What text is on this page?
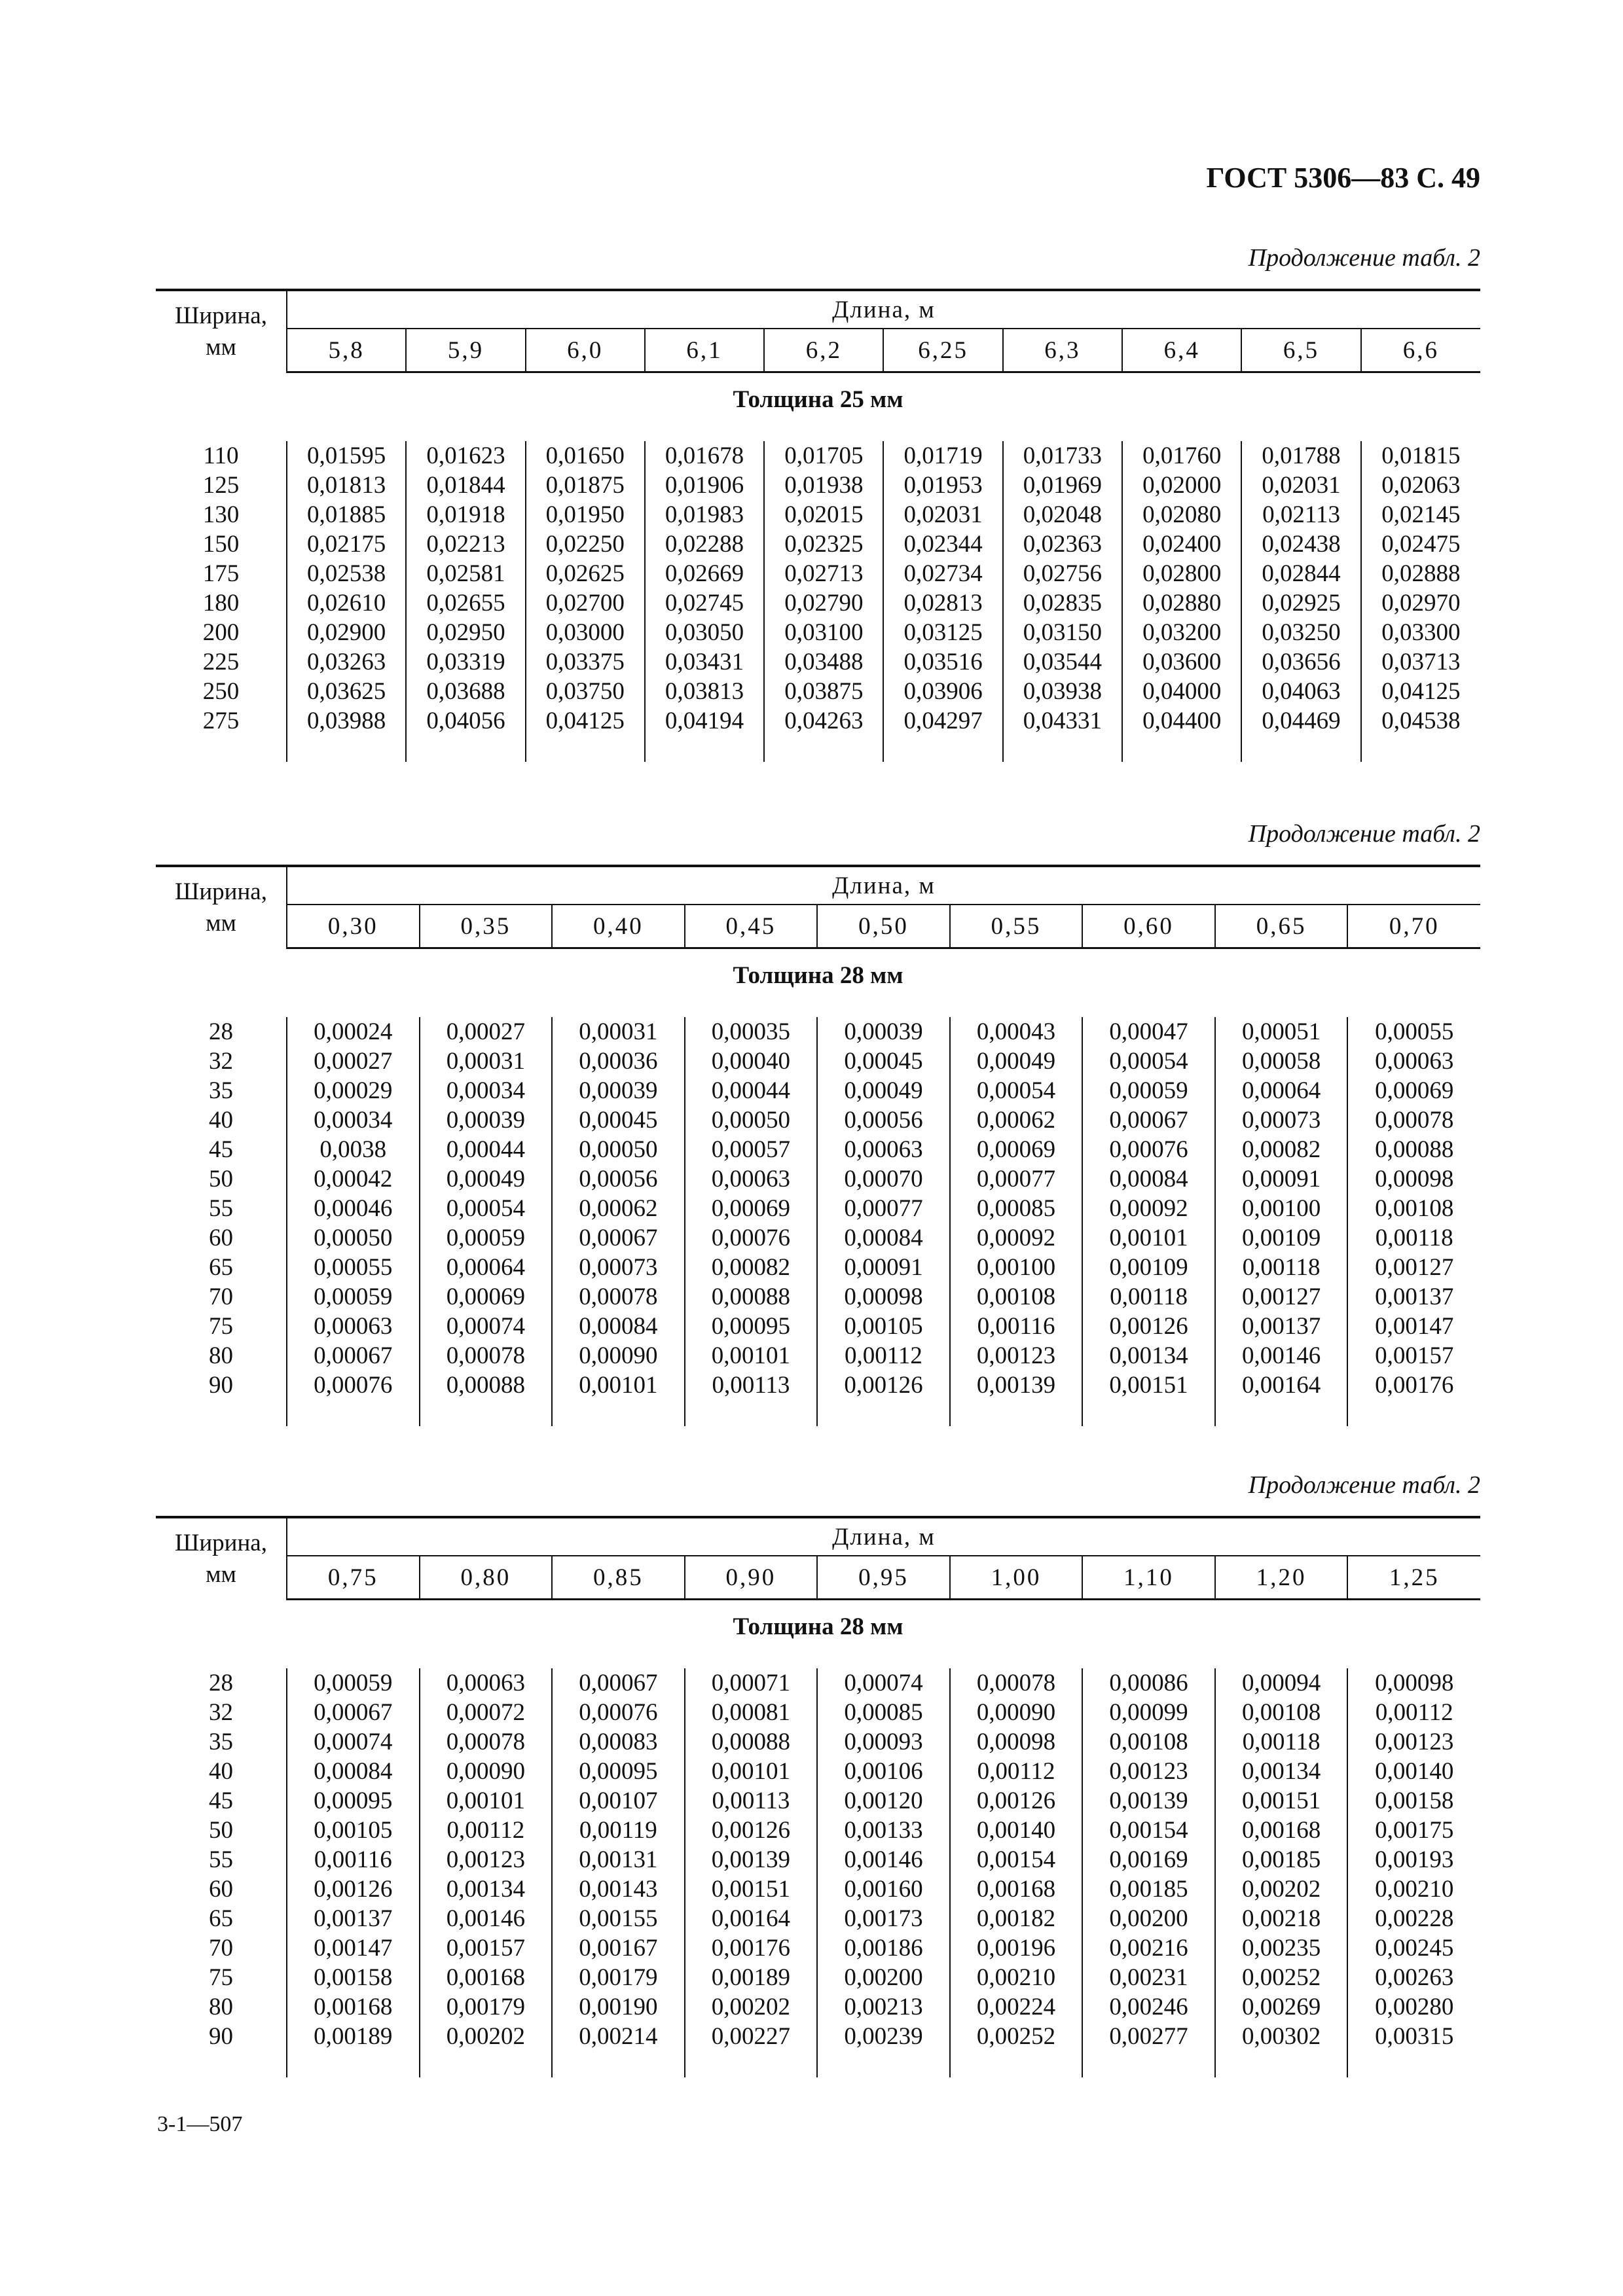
ГОСТ 5306—83 С. 49
Продолжение табл. 2
Ширина,
мм	Длина, м									
	5,8	5,9	6,0	6,1	6,2	6,25	6,3	6,4	6,5	6,6
Толщина 25 мм										

110	0,01595	0,01623	0,01650	0,01678	0,01705	0,01719	0,01733	0,01760	0,01788	0,01815
125	0,01813	0,01844	0,01875	0,01906	0,01938	0,01953	0,01969	0,02000	0,02031	0,02063
130	0,01885	0,01918	0,01950	0,01983	0,02015	0,02031	0,02048	0,02080	0,02113	0,02145
150	0,02175	0,02213	0,02250	0,02288	0,02325	0,02344	0,02363	0,02400	0,02438	0,02475
175	0,02538	0,02581	0,02625	0,02669	0,02713	0,02734	0,02756	0,02800	0,02844	0,02888
180	0,02610	0,02655	0,02700	0,02745	0,02790	0,02813	0,02835	0,02880	0,02925	0,02970
200	0,02900	0,02950	0,03000	0,03050	0,03100	0,03125	0,03150	0,03200	0,03250	0,03300
225	0,03263	0,03319	0,03375	0,03431	0,03488	0,03516	0,03544	0,03600	0,03656	0,03713
250	0,03625	0,03688	0,03750	0,03813	0,03875	0,03906	0,03938	0,04000	0,04063	0,04125
275	0,03988	0,04056	0,04125	0,04194	0,04263	0,04297	0,04331	0,04400	0,04469	0,04538

Продолжение табл. 2
Ширина,
мм	Длина, м								
	0,30	0,35	0,40	0,45	0,50	0,55	0,60	0,65	0,70
Толщина 28 мм									

28	0,00024	0,00027	0,00031	0,00035	0,00039	0,00043	0,00047	0,00051	0,00055
32	0,00027	0,00031	0,00036	0,00040	0,00045	0,00049	0,00054	0,00058	0,00063
35	0,00029	0,00034	0,00039	0,00044	0,00049	0,00054	0,00059	0,00064	0,00069
40	0,00034	0,00039	0,00045	0,00050	0,00056	0,00062	0,00067	0,00073	0,00078
45	0,0038	0,00044	0,00050	0,00057	0,00063	0,00069	0,00076	0,00082	0,00088
50	0,00042	0,00049	0,00056	0,00063	0,00070	0,00077	0,00084	0,00091	0,00098
55	0,00046	0,00054	0,00062	0,00069	0,00077	0,00085	0,00092	0,00100	0,00108
60	0,00050	0,00059	0,00067	0,00076	0,00084	0,00092	0,00101	0,00109	0,00118
65	0,00055	0,00064	0,00073	0,00082	0,00091	0,00100	0,00109	0,00118	0,00127
70	0,00059	0,00069	0,00078	0,00088	0,00098	0,00108	0,00118	0,00127	0,00137
75	0,00063	0,00074	0,00084	0,00095	0,00105	0,00116	0,00126	0,00137	0,00147
80	0,00067	0,00078	0,00090	0,00101	0,00112	0,00123	0,00134	0,00146	0,00157
90	0,00076	0,00088	0,00101	0,00113	0,00126	0,00139	0,00151	0,00164	0,00176

Продолжение табл. 2
Ширина,
мм	Длина, м								
	0,75	0,80	0,85	0,90	0,95	1,00	1,10	1,20	1,25
Толщина 28 мм									

28	0,00059	0,00063	0,00067	0,00071	0,00074	0,00078	0,00086	0,00094	0,00098
32	0,00067	0,00072	0,00076	0,00081	0,00085	0,00090	0,00099	0,00108	0,00112
35	0,00074	0,00078	0,00083	0,00088	0,00093	0,00098	0,00108	0,00118	0,00123
40	0,00084	0,00090	0,00095	0,00101	0,00106	0,00112	0,00123	0,00134	0,00140
45	0,00095	0,00101	0,00107	0,00113	0,00120	0,00126	0,00139	0,00151	0,00158
50	0,00105	0,00112	0,00119	0,00126	0,00133	0,00140	0,00154	0,00168	0,00175
55	0,00116	0,00123	0,00131	0,00139	0,00146	0,00154	0,00169	0,00185	0,00193
60	0,00126	0,00134	0,00143	0,00151	0,00160	0,00168	0,00185	0,00202	0,00210
65	0,00137	0,00146	0,00155	0,00164	0,00173	0,00182	0,00200	0,00218	0,00228
70	0,00147	0,00157	0,00167	0,00176	0,00186	0,00196	0,00216	0,00235	0,00245
75	0,00158	0,00168	0,00179	0,00189	0,00200	0,00210	0,00231	0,00252	0,00263
80	0,00168	0,00179	0,00190	0,00202	0,00213	0,00224	0,00246	0,00269	0,00280
90	0,00189	0,00202	0,00214	0,00227	0,00239	0,00252	0,00277	0,00302	0,00315

3-1—507
